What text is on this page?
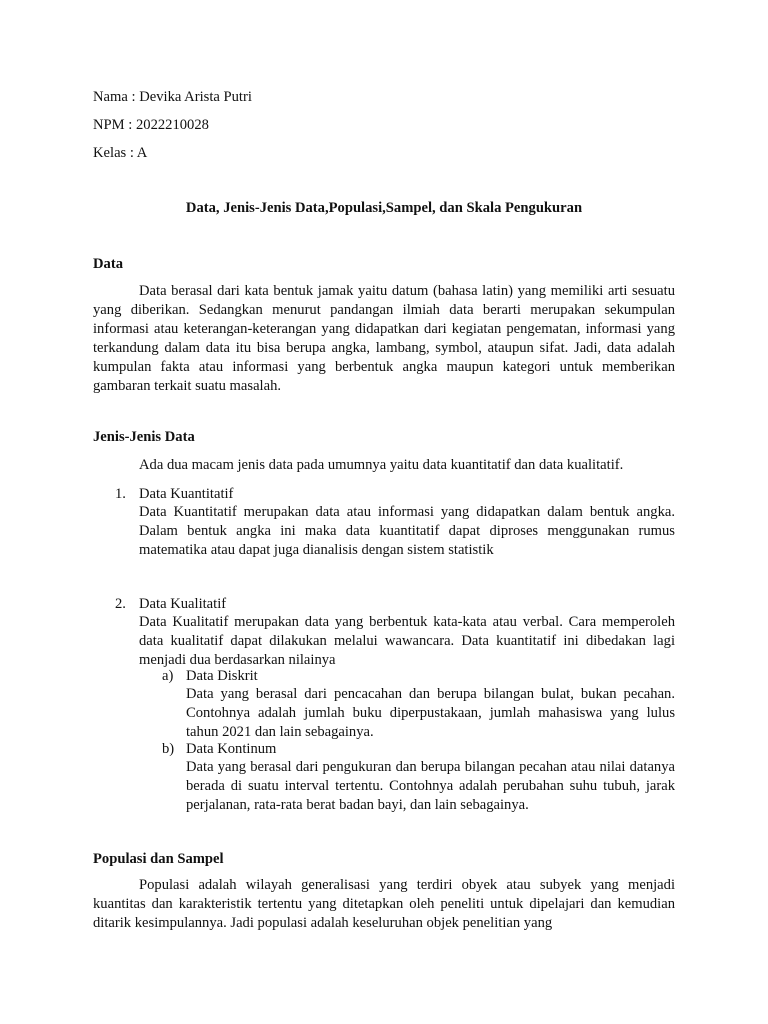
Nama : Devika Arista Putri
NPM : 2022210028
Kelas : A
Data, Jenis-Jenis Data,Populasi,Sampel, dan Skala Pengukuran
Data

Data berasal dari kata bentuk jamak yaitu datum (bahasa latin) yang memiliki arti sesuatu yang diberikan. Sedangkan menurut pandangan ilmiah data berarti merupakan sekumpulan informasi atau keterangan-keterangan yang didapatkan dari kegiatan pengematan, informasi yang terkandung dalam data itu bisa berupa angka, lambang, symbol, ataupun sifat. Jadi, data adalah kumpulan fakta atau informasi yang berbentuk angka maupun kategori untuk memberikan gambaran terkait suatu masalah.

Jenis-Jenis Data
Ada dua macam jenis data pada umumnya yaitu data kuantitatif dan data kualitatif.
1. Data Kuantitatif

Data Kuantitatif merupakan data atau informasi yang didapatkan dalam bentuk angka. Dalam bentuk angka ini maka data kuantitatif dapat diproses menggunakan rumus matematika atau dapat juga dianalisis dengan sistem statistik

2. Data Kualitatif

Data Kualitatif merupakan data yang berbentuk kata-kata atau verbal. Cara memperoleh data kualitatif dapat dilakukan melalui wawancara. Data kuantitatif ini dibedakan lagi menjadi dua berdasarkan nilainya

a) Data Diskrit

Data yang berasal dari pencacahan dan berupa bilangan bulat, bukan pecahan. Contohnya adalah jumlah buku diperpustakaan, jumlah mahasiswa yang lulus tahun 2021 dan lain sebagainya.

b) Data Kontinum

Data yang berasal dari pengukuran dan berupa bilangan pecahan atau nilai datanya berada di suatu interval tertentu. Contohnya adalah perubahan suhu tubuh, jarak perjalanan, rata-rata berat badan bayi, dan lain sebagainya.

Populasi dan Sampel

Populasi adalah wilayah generalisasi yang terdiri obyek atau subyek yang menjadi kuantitas dan karakteristik tertentu yang ditetapkan oleh peneliti untuk dipelajari dan kemudian ditarik kesimpulannya. Jadi populasi adalah keseluruhan objek penelitian yang
